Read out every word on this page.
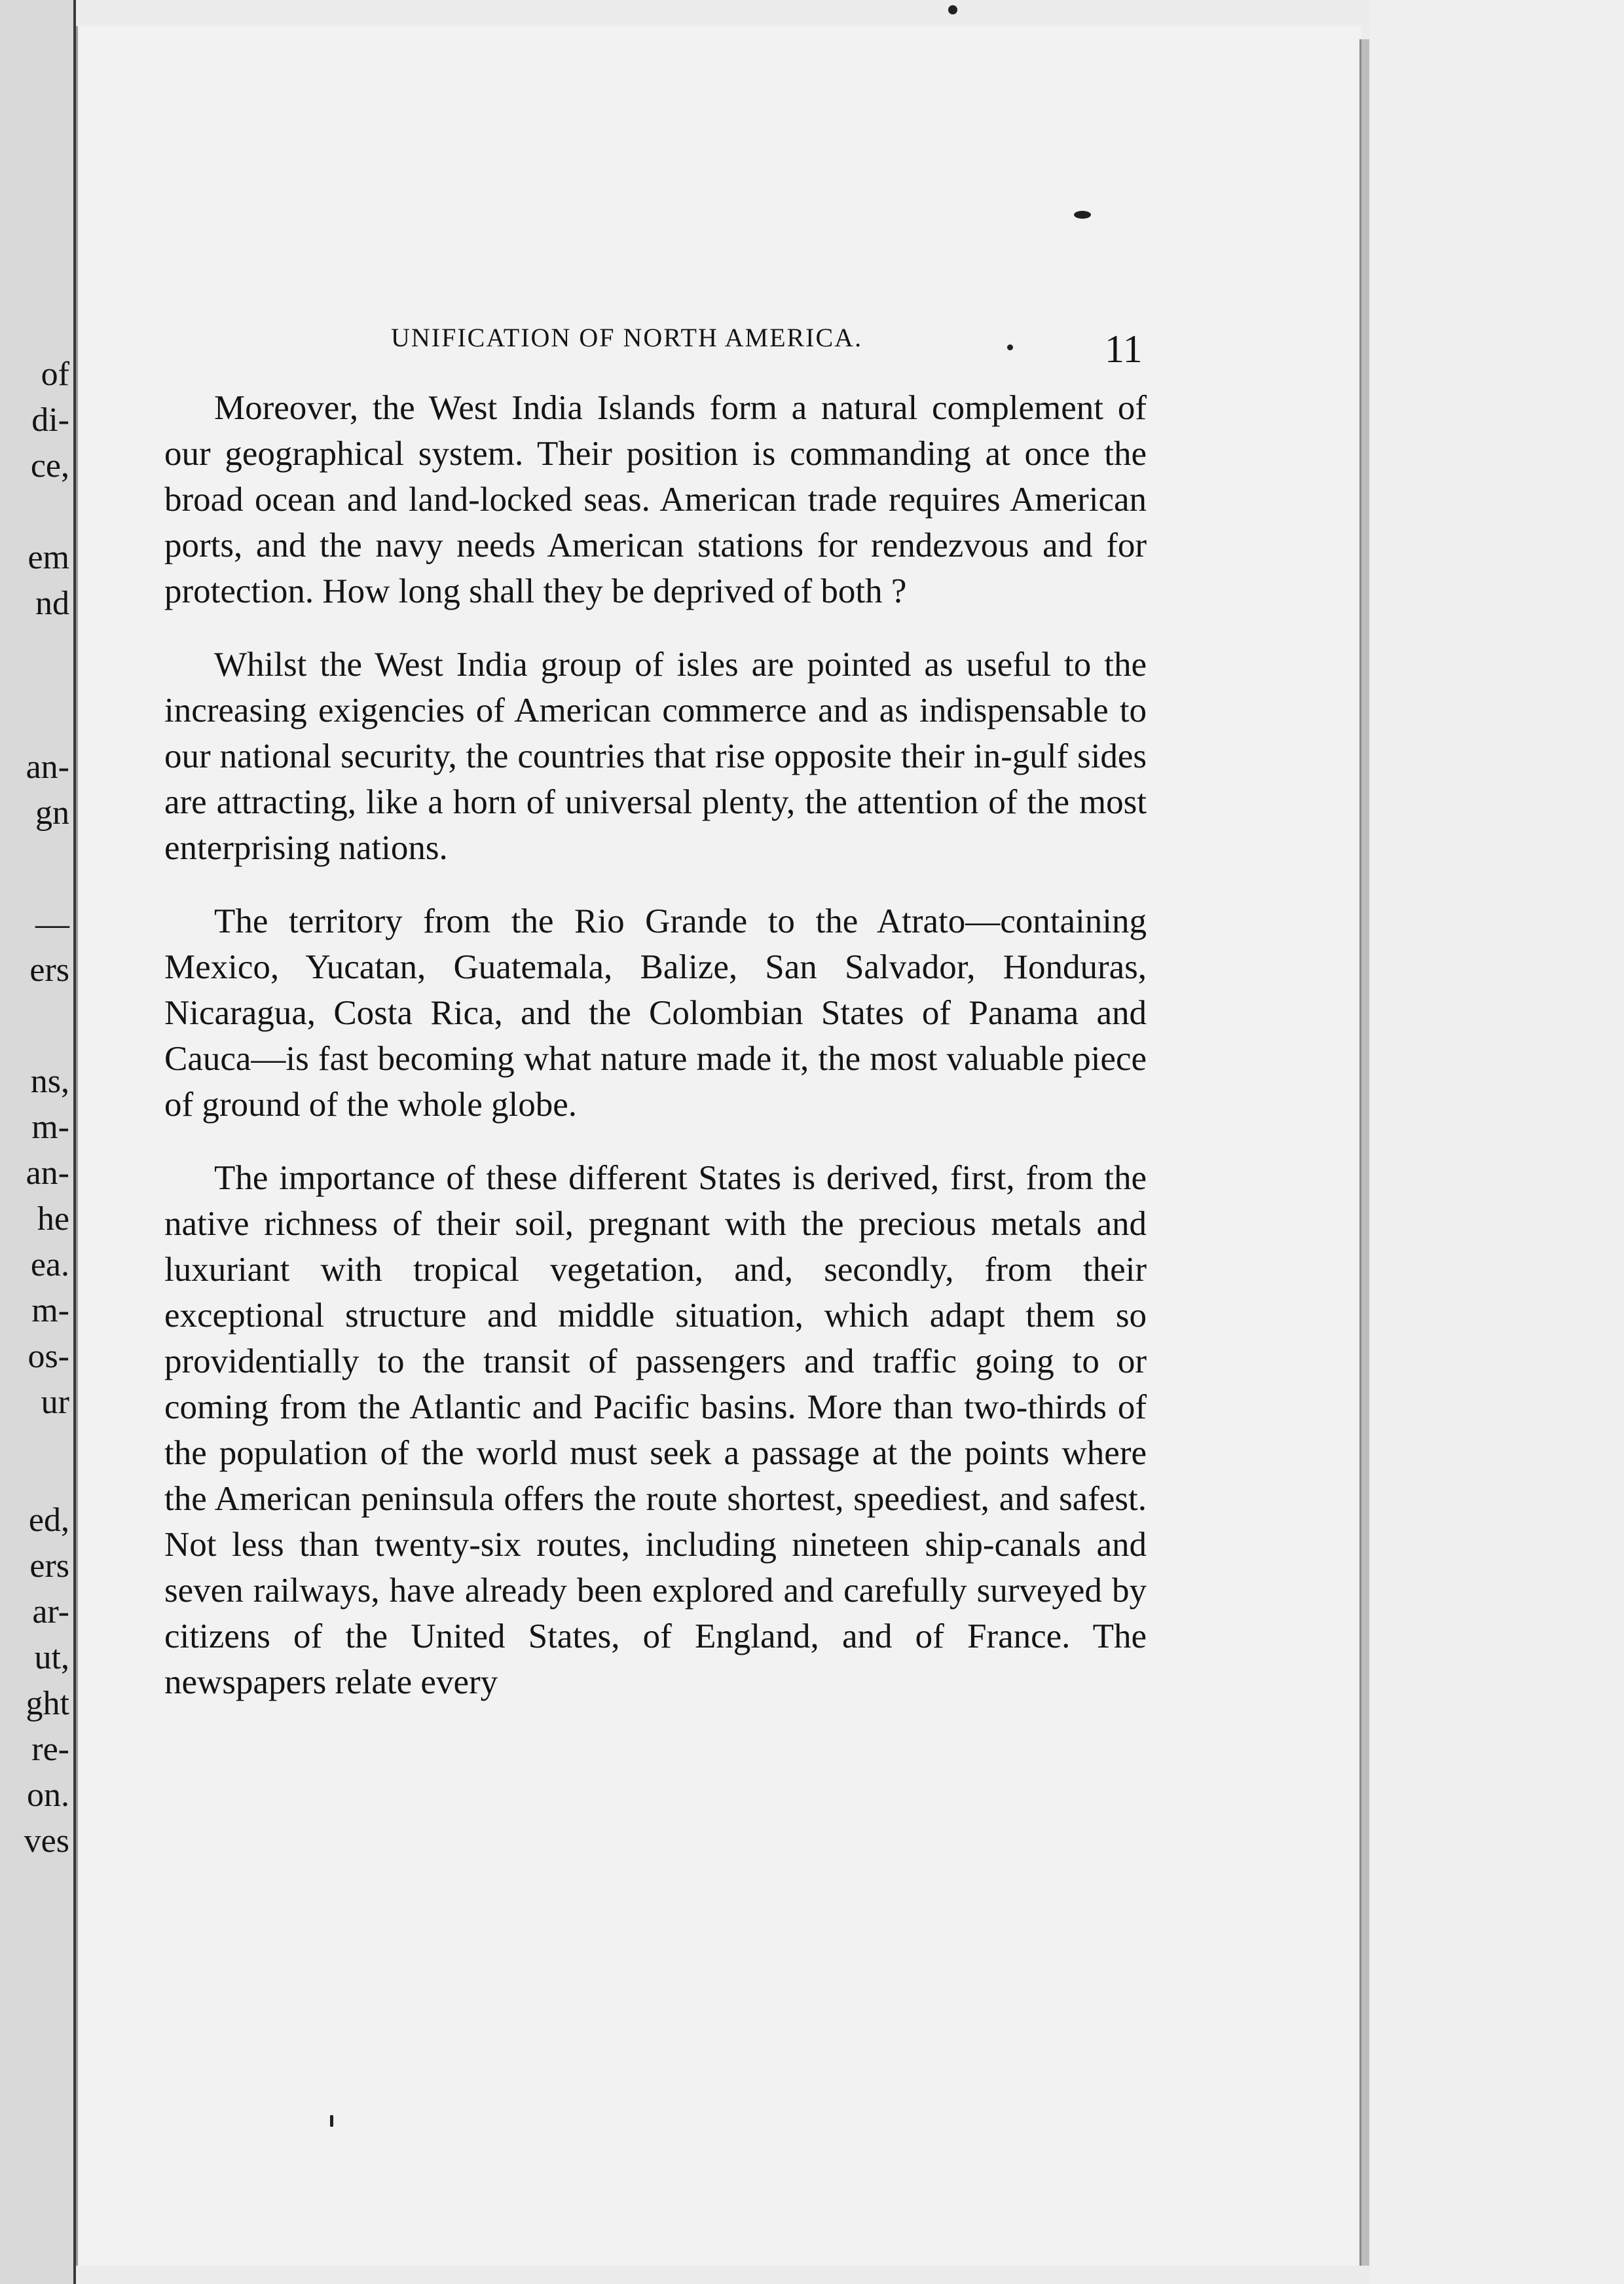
of
di-
ce,
em
nd
an-
gn
—
ers
ns,
m-
an-
he
ea.
m-
os-
ur
ed,
ers
ar-
ut,
ght
re-
on.
ves
UNIFICATION OF NORTH AMERICA.	11

Moreover, the West India Islands form a natural complement of our geographical system. Their position is commanding at once the broad ocean and land-locked seas. American trade requires American ports, and the navy needs American stations for rendezvous and for protection. How long shall they be deprived of both ?

Whilst the West India group of isles are pointed as useful to the increasing exigencies of American commerce and as indispensable to our national security, the countries that rise opposite their in-gulf sides are attracting, like a horn of universal plenty, the attention of the most enterprising nations.

The territory from the Rio Grande to the Atrato—containing Mexico, Yucatan, Guatemala, Balize, San Salvador, Honduras, Nicaragua, Costa Rica, and the Colombian States of Panama and Cauca—is fast becoming what nature made it, the most valuable piece of ground of the whole globe.

The importance of these different States is derived, first, from the native richness of their soil, pregnant with the precious metals and luxuriant with tropical vegetation, and, secondly, from their exceptional structure and middle situation, which adapt them so providentially to the transit of passengers and traffic going to or coming from the Atlantic and Pacific basins. More than two-thirds of the population of the world must seek a passage at the points where the American peninsula offers the route shortest, speediest, and safest. Not less than twenty-six routes, including nineteen ship-canals and seven railways, have already been explored and carefully surveyed by citizens of the United States, of England, and of France. The newspapers relate every
